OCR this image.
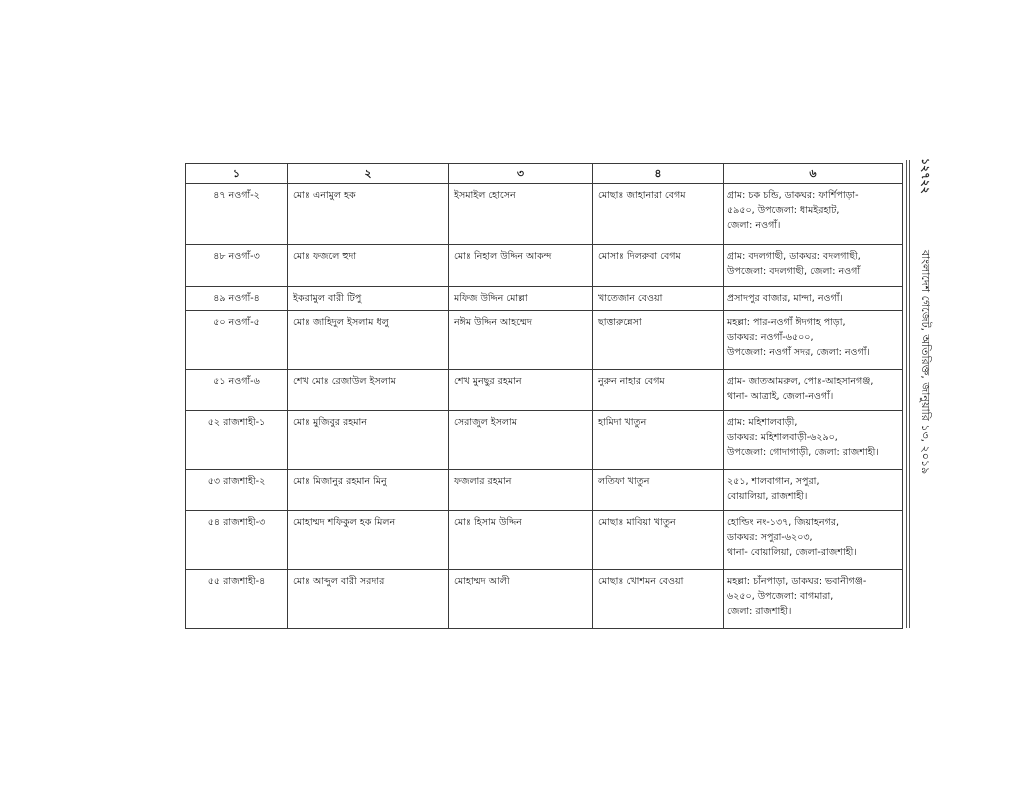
১	২	৩	৪	৬
৪৭ নওগাঁ-২	মোঃ এনামুল হক	ইসমাইল হোসেন	মোছাঃ জাহানারা বেগম	গ্রাম: চক চন্ডি, ডাকঘর: ফার্শিপাড়া-
৫৯৫০, উপজেলা: ধামইরহাট,
জেলা: নওগাঁ।

৪৮ নওগাঁ-৩	মোঃ ফজলে হুদা	মোঃ নিহাল উদ্দিন আকন্দ	মোসাঃ দিলরুবা বেগম	গ্রাম: বদলগাছী, ডাকঘর: বদলগাছী,
উপজেলা: বদলগাছী, জেলা: নওগাঁ

৪৯ নওগাঁ-৪	ইকরামুল বারী টিপু	মফিজ উদ্দিন মোল্লা	খাতেজান বেওয়া	প্রসাদপুর বাজার, মান্দা, নওগাঁ।

৫০ নওগাঁ-৫	মোঃ জাহিদুল ইসলাম ধলু	নঈম উদ্দিন আহম্মেদ	ছাত্তারুন্নেসা	মহল্লা: পার-নওগাঁ ঈদগাহ পাড়া,
ডাকঘর: নওগাঁ-৬৫০০,
উপজেলা: নওগাঁ সদর, জেলা: নওগাঁ।

৫১ নওগাঁ-৬	শেখ মোঃ রেজাউল ইসলাম	শেখ মুনছুর রহমান	নুরুন নাহার বেগম	গ্রাম- জাতআমরুল, পোঃ-আহসানগঞ্জ,
থানা- আত্রাই, জেলা-নওগাঁ।

৫২ রাজশাহী-১	মোঃ মুজিবুর রহমান	সেরাজুল ইসলাম	হামিদা খাতুন	গ্রাম: মহিশালবাড়ী,
ডাকঘর: মহিশালবাড়ী-৬২৯০,
উপজেলা: গোদাগাড়ী, জেলা: রাজশাহী।

৫৩ রাজশাহী-২	মোঃ মিজানুর রহমান মিনু	ফজলার রহমান	লতিফা খাতুন	২৫১, শালবাগান, সপুরা,
বোয়ালিয়া, রাজশাহী।

৫৪ রাজশাহী-৩	মোহাম্মদ শফিকুল হক মিলন	মোঃ হিসাম উদ্দিন	মোছাঃ মাবিয়া খাতুন	হোল্ডিং নং-১৩৭, জিয়াহনগর,
ডাকঘর: সপুরা-৬২০৩,
থানা- বোয়ালিয়া, জেলা-রাজশাহী।

৫৫ রাজশাহী-৪	মোঃ আব্দুল বারী সরদার	মোহাম্মদ আলী	মোছাঃ খোশমন বেওয়া	মহল্লা: চাঁনপাড়া, ডাকঘর: ভবানীগঞ্জ-
৬২৫০, উপজেলা: বাগমারা,
জেলা: রাজশাহী।
১২৭২২
বাংলাদেশ গেজেট, অতিরিক্ত, জানুয়ারি ১৩, ২০১৯
